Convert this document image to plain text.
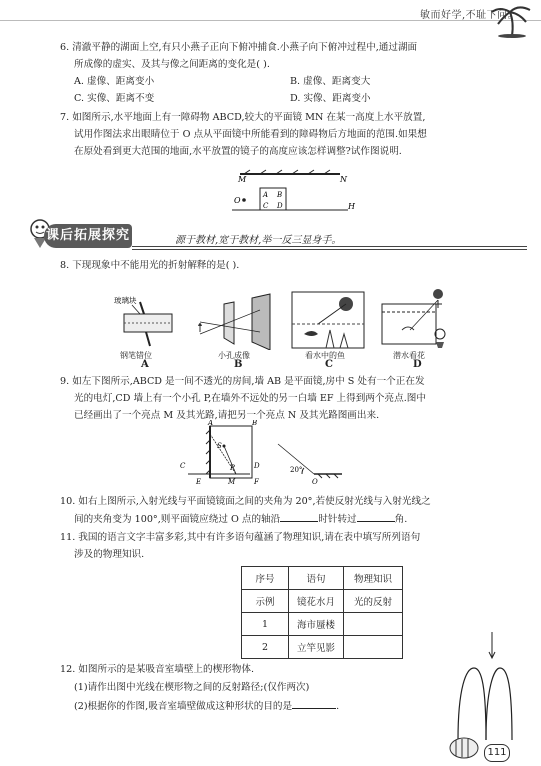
敏而好学,不耻下问。
6. 清澈平静的湖面上空,有只小燕子正向下俯冲捕食.小燕子向下俯冲过程中,通过湖面
所成像的虚实、及其与像之间距离的变化是( ).
A. 虚像、距离变小	B. 虚像、距离变大
C. 实像、距离不变	D. 实像、距离变小
7. 如图所示,水平地面上有一障碍物 ABCD,较大的平面镜 MN 在某一高度上水平放置,
试用作图法求出眼睛位于 O 点从平面镜中所能看到的障碍物后方地面的范围.如果想
在原处看到更大范围的地面,水平放置的镜子的高度应该怎样调整?试作图说明.
M	N
O
A B
C D	H
课后拓展探究	源于教材,宽于教材,举一反三显身手。
8. 下现现象中不能用光的折射解释的是( ).
玻璃块
钢笔错位	小孔成像	看水中的鱼	潜水看花
A	B	C	D
9. 如左下图所示,ABCD 是一间不透光的房间,墙 AB 是平面镜,房中 S 处有一个正在发
光的电灯,CD 墙上有一个小孔 P,在墙外不远处的另一白墙 EF 上得到两个亮点.图中
已经画出了一个亮点 M 及其光路,请把另一个亮点 N 及其光路图画出来.
A	B
S
C	D
P
E	M	F
20°
O
10. 如右上图所示,入射光线与平面镜镜面之间的夹角为 20°,若使反射光线与入射光线之
间的夹角变为 100°,则平面镜应绕过 O 点的轴沿	时针转过	角.
11. 我国的语言文字丰富多彩,其中有许多语句蕴涵了物理知识,请在表中填写所列语句
涉及的物理知识.
序号	语句	物理知识
示例	镜花水月	光的反射
1	海市蜃楼	
2	立竿见影	
12. 如图所示的是某吸音室墙壁上的楔形物体.
(1)请作出图中光线在楔形物之间的反射路径;(仅作两次)
(2)根据你的作图,吸音室墙壁做成这种形状的目的是	.
111
